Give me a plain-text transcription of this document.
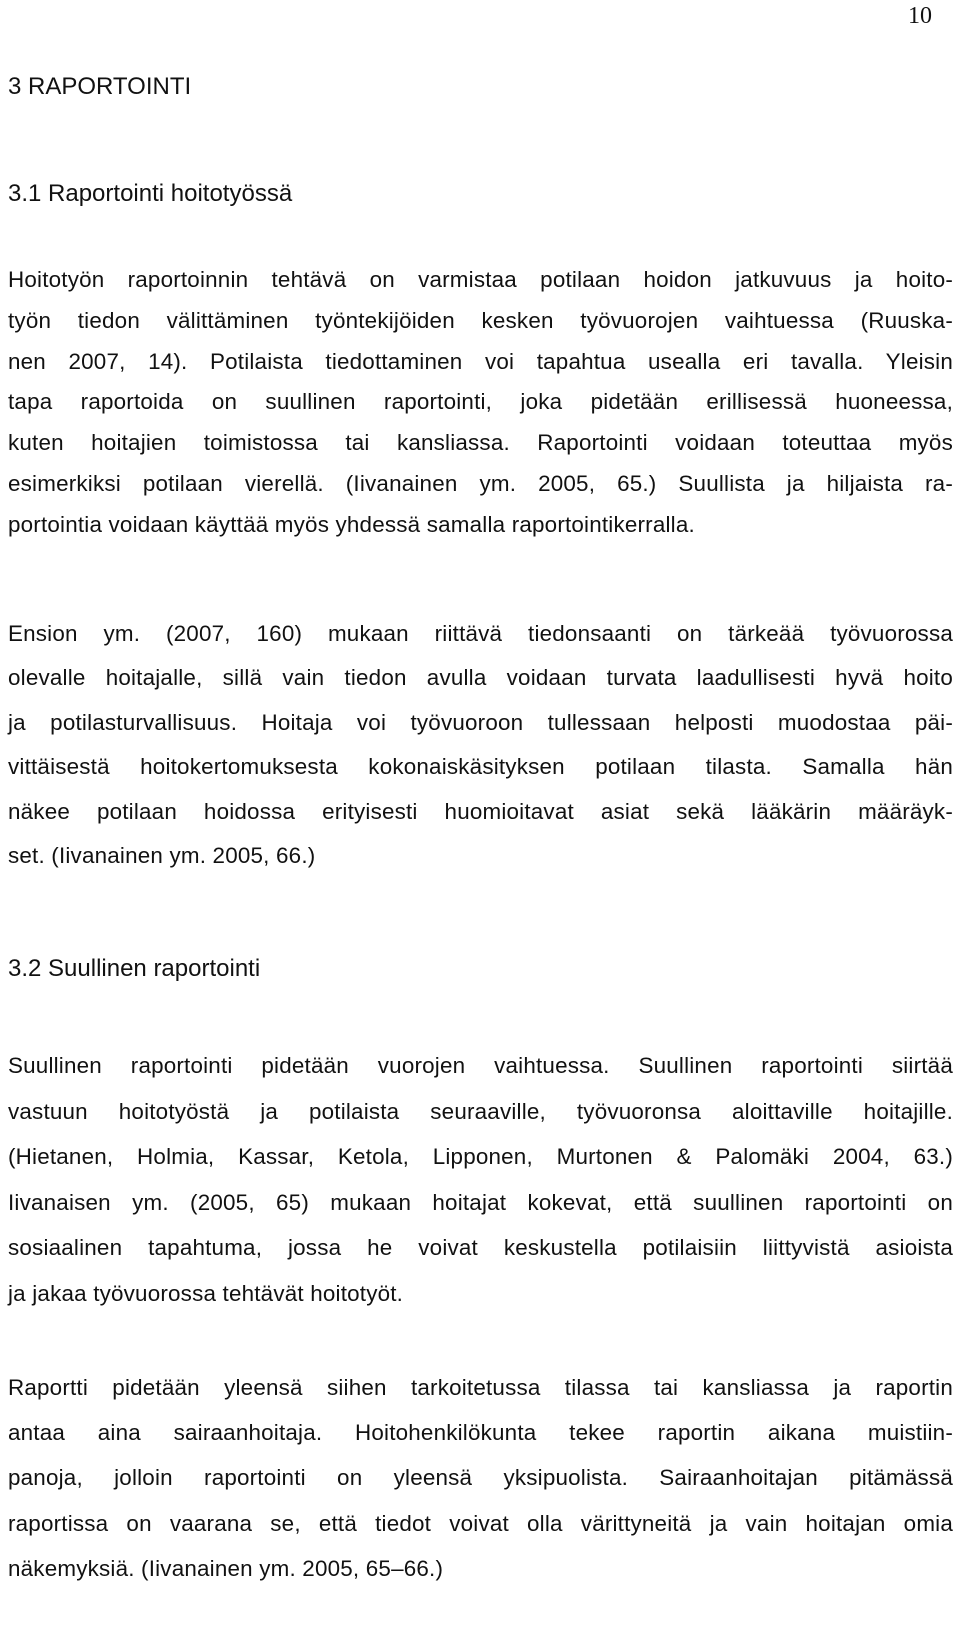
10
3 RAPORTOINTI
3.1 Raportointi hoitotyössä

Hoitotyön raportoinnin tehtävä on varmistaa potilaan hoidon jatkuvuus ja hoito-
työn tiedon välittäminen työntekijöiden kesken työvuorojen vaihtuessa (Ruuska-
nen 2007, 14). Potilaista tiedottaminen voi tapahtua usealla eri tavalla. Yleisin
tapa raportoida on suullinen raportointi, joka pidetään erillisessä huoneessa,
kuten hoitajien toimistossa tai kansliassa. Raportointi voidaan toteuttaa myös
esimerkiksi potilaan vierellä. (Iivanainen ym. 2005, 65.) Suullista ja hiljaista ra-
portointia voidaan käyttää myös yhdessä samalla raportointikerralla.

Ension ym. (2007, 160) mukaan riittävä tiedonsaanti on tärkeää työvuorossa
olevalle hoitajalle, sillä vain tiedon avulla voidaan turvata laadullisesti hyvä hoito
ja potilasturvallisuus. Hoitaja voi työvuoroon tullessaan helposti muodostaa päi-
vittäisestä hoitokertomuksesta kokonaiskäsityksen potilaan tilasta. Samalla hän
näkee potilaan hoidossa erityisesti huomioitavat asiat sekä lääkärin määräyk-
set. (Iivanainen ym. 2005, 66.)

3.2 Suullinen raportointi

Suullinen raportointi pidetään vuorojen vaihtuessa. Suullinen raportointi siirtää
vastuun hoitotyöstä ja potilaista seuraaville, työvuoronsa aloittaville hoitajille.
(Hietanen, Holmia, Kassar, Ketola, Lipponen, Murtonen & Palomäki 2004, 63.)
Iivanaisen ym. (2005, 65) mukaan hoitajat kokevat, että suullinen raportointi on
sosiaalinen tapahtuma, jossa he voivat keskustella potilaisiin liittyvistä asioista
ja jakaa työvuorossa tehtävät hoitotyöt.

Raportti pidetään yleensä siihen tarkoitetussa tilassa tai kansliassa ja raportin
antaa aina sairaanhoitaja. Hoitohenkilökunta tekee raportin aikana muistiin-
panoja, jolloin raportointi on yleensä yksipuolista. Sairaanhoitajan pitämässä
raportissa on vaarana se, että tiedot voivat olla värittyneitä ja vain hoitajan omia
näkemyksiä. (Iivanainen ym. 2005, 65–66.)
